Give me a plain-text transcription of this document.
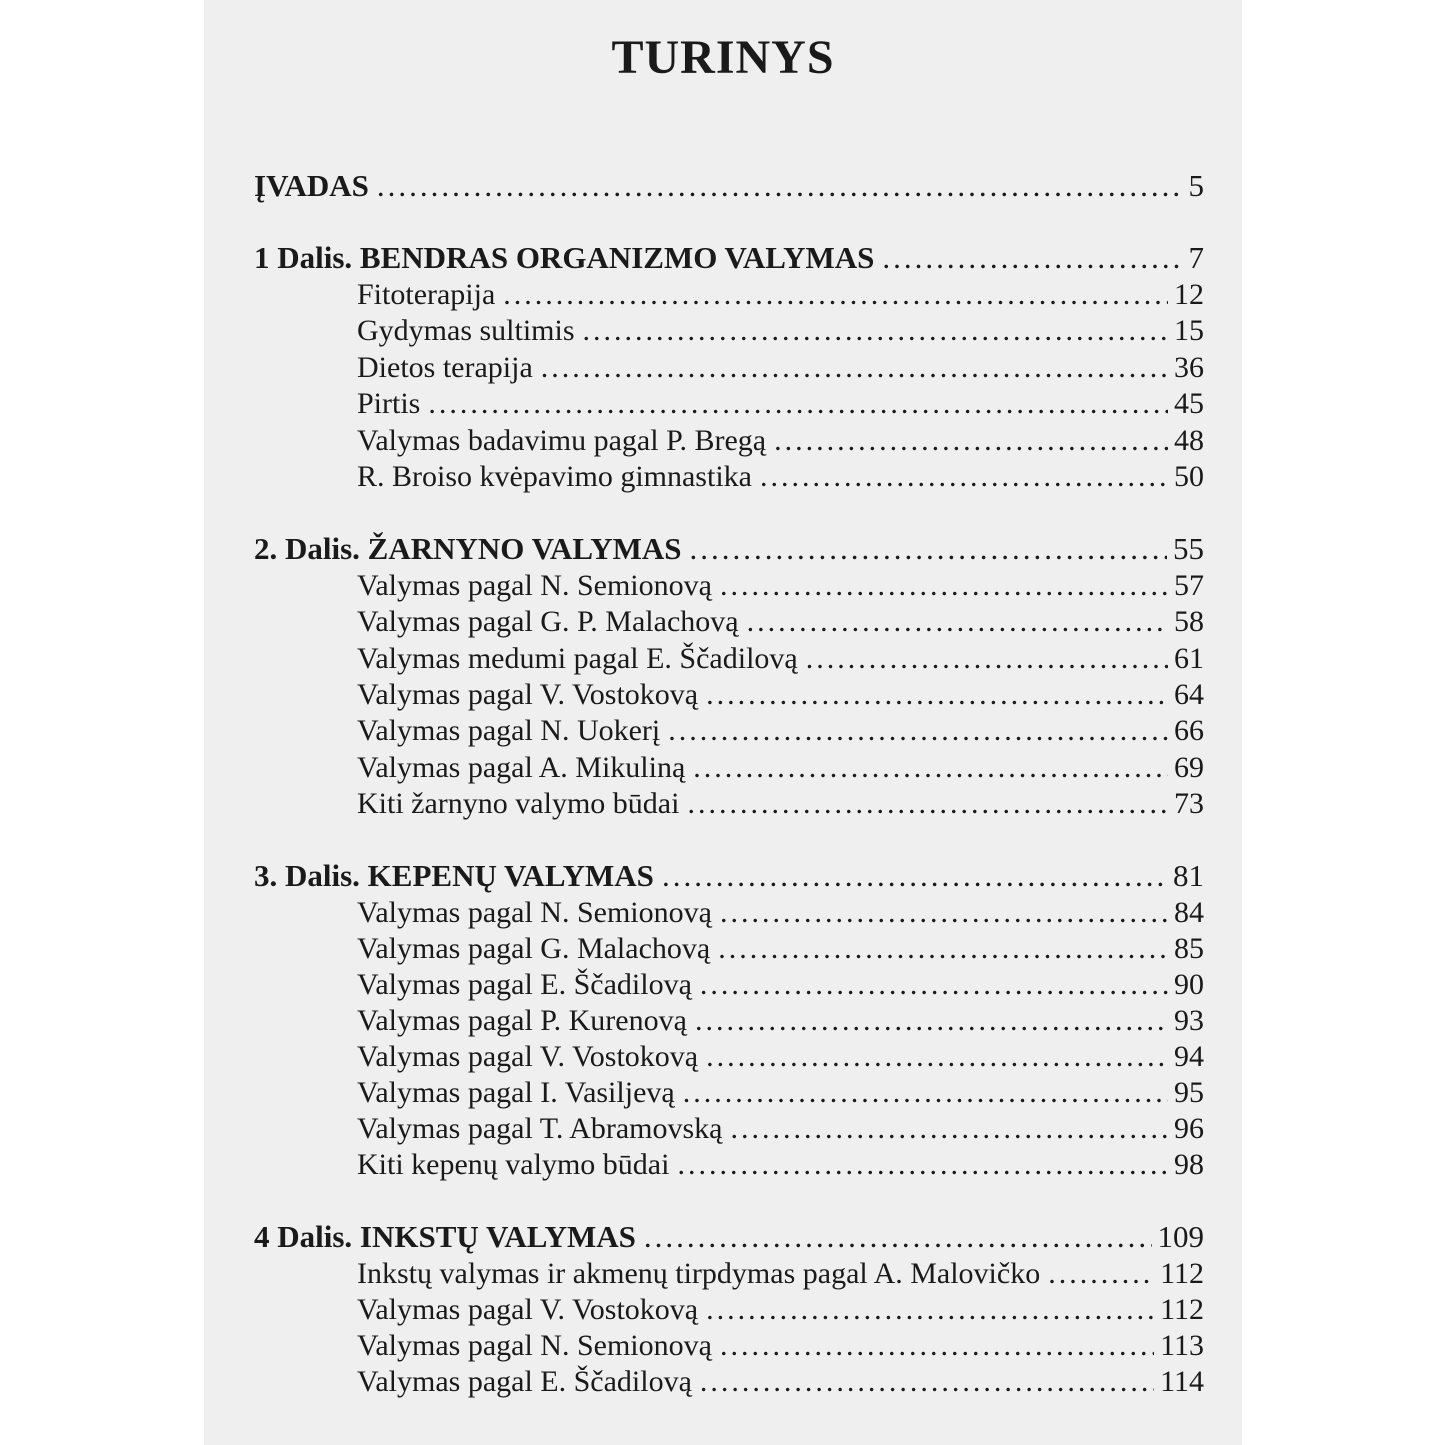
TURINYS
ĮVADAS .....	5
1 Dalis. BENDRAS ORGANIZMO VALYMAS .....	7
Fitoterapija .....	12
Gydymas sultimis .....	15
Dietos terapija .....	36
Pirtis .....	45
Valymas badavimu pagal P. Bregą .....	48
R. Broiso kvėpavimo gimnastika .....	50
2. Dalis. ŽARNYNO VALYMAS .....	55
Valymas pagal N. Semionovą .....	57
Valymas pagal G. P. Malachovą .....	58
Valymas medumi pagal E. Ščadilovą .....	61
Valymas pagal V. Vostokovą .....	64
Valymas pagal N. Uokerį .....	66
Valymas pagal A. Mikuliną .....	69
Kiti žarnyno valymo būdai .....	73
3. Dalis. KEPENŲ VALYMAS .....	81
Valymas pagal N. Semionovą .....	84
Valymas pagal G. Malachovą .....	85
Valymas pagal E. Ščadilovą .....	90
Valymas pagal P. Kurenovą .....	93
Valymas pagal V. Vostokovą .....	94
Valymas pagal I. Vasiljevą .....	95
Valymas pagal T. Abramovską .....	96
Kiti kepenų valymo būdai .....	98
4 Dalis. INKSTŲ VALYMAS .....	109
Inkstų valymas ir akmenų tirpdymas pagal A. Malovičko .....	112
Valymas pagal V. Vostokovą .....	112
Valymas pagal N. Semionovą .....	113
Valymas pagal E. Ščadilovą .....	114
